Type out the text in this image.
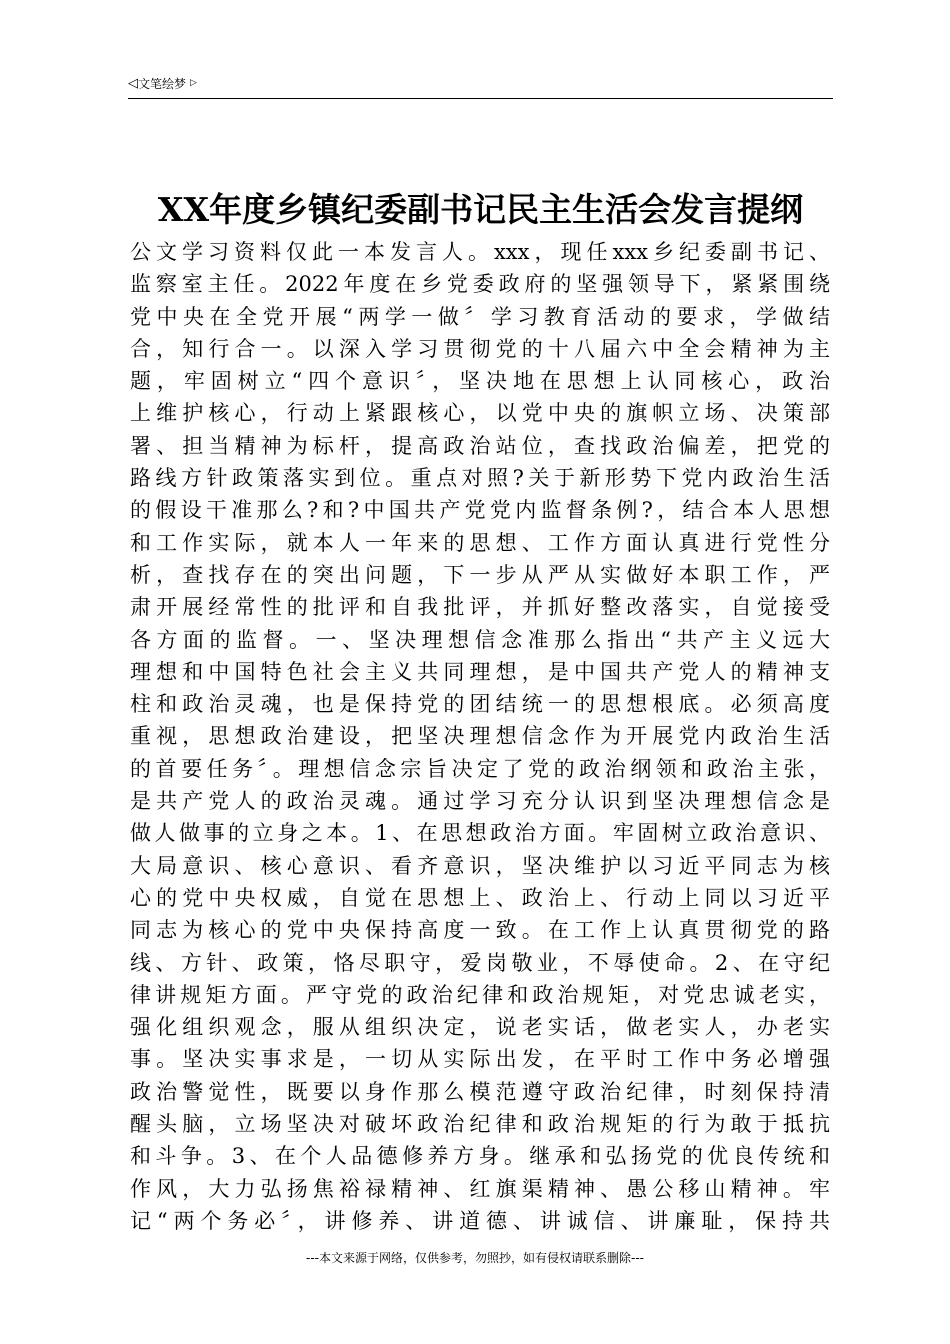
◁文笔绘梦 ▷
XX年度乡镇纪委副书记民主生活会发言提纲
公文学习资料仅此一本发言人。xxx，现任xxx乡纪委副书记、
监察室主任。2022年度在乡党委政府的坚强领导下，紧紧围绕
党中央在全党开展“两学一做〞学习教育活动的要求，学做结
合，知行合一。以深入学习贯彻党的十八届六中全会精神为主
题，牢固树立“四个意识〞，坚决地在思想上认同核心，政治
上维护核心，行动上紧跟核心，以党中央的旗帜立场、决策部
署、担当精神为标杆，提高政治站位，查找政治偏差，把党的
路线方针政策落实到位。重点对照?关于新形势下党内政治生活
的假设干准那么?和?中国共产党党内监督条例?，结合本人思想
和工作实际，就本人一年来的思想、工作方面认真进行党性分
析，查找存在的突出问题，下一步从严从实做好本职工作，严
肃开展经常性的批评和自我批评，并抓好整改落实，自觉接受
各方面的监督。一、坚决理想信念准那么指出“共产主义远大
理想和中国特色社会主义共同理想，是中国共产党人的精神支
柱和政治灵魂，也是保持党的团结统一的思想根底。必须高度
重视，思想政治建设，把坚决理想信念作为开展党内政治生活
的首要任务〞。理想信念宗旨决定了党的政治纲领和政治主张，
是共产党人的政治灵魂。通过学习充分认识到坚决理想信念是
做人做事的立身之本。1、在思想政治方面。牢固树立政治意识、
大局意识、核心意识、看齐意识，坚决维护以习近平同志为核
心的党中央权威，自觉在思想上、政治上、行动上同以习近平
同志为核心的党中央保持高度一致。在工作上认真贯彻党的路
线、方针、政策，恪尽职守，爱岗敬业，不辱使命。2、在守纪
律讲规矩方面。严守党的政治纪律和政治规矩，对党忠诚老实，
强化组织观念，服从组织决定，说老实话，做老实人，办老实
事。坚决实事求是，一切从实际出发，在平时工作中务必增强
政治警觉性，既要以身作那么模范遵守政治纪律，时刻保持清
醒头脑，立场坚决对破坏政治纪律和政治规矩的行为敢于抵抗
和斗争。3、在个人品德修养方身。继承和弘扬党的优良传统和
作风，大力弘扬焦裕禄精神、红旗渠精神、愚公移山精神。牢
记“两个务必〞，讲修养、讲道德、讲诚信、讲廉耻，保持共
---本文来源于网络，仅供参考，勿照抄，如有侵权请联系删除---
